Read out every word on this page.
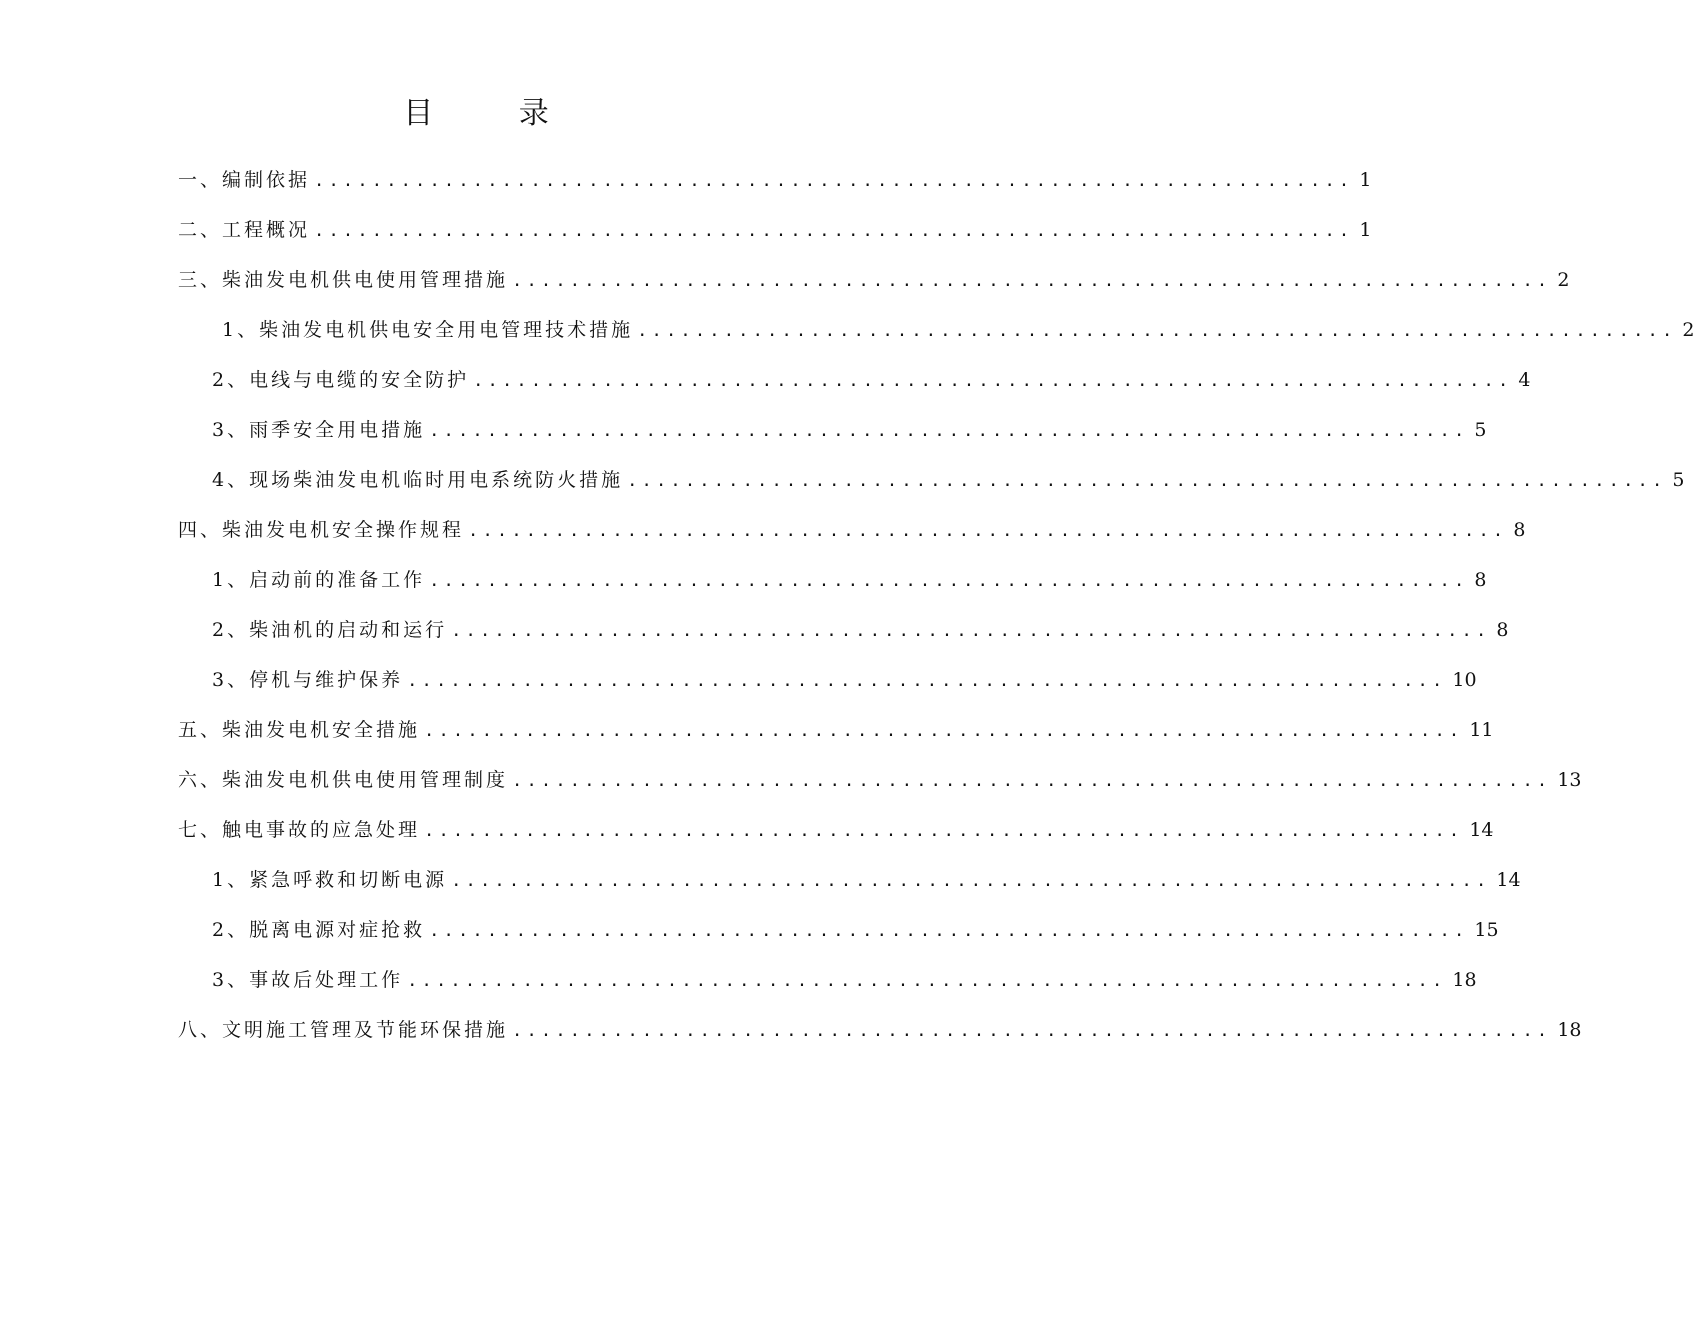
目 录
一、编制依据 ........................................................................ 1
二、工程概况 ........................................................................ 1
三、柴油发电机供电使用管理措施 ........................................................................ 2
1、柴油发电机供电安全用电管理技术措施 ........................................................................ 2
2、电线与电缆的安全防护 ........................................................................ 4
3、雨季安全用电措施 ........................................................................ 5
4、现场柴油发电机临时用电系统防火措施 ........................................................................ 5
四、柴油发电机安全操作规程 ........................................................................ 8
1、启动前的准备工作 ........................................................................ 8
2、柴油机的启动和运行 ........................................................................ 8
3、停机与维护保养 ........................................................................ 10
五、柴油发电机安全措施 ........................................................................ 11
六、柴油发电机供电使用管理制度 ........................................................................ 13
七、触电事故的应急处理 ........................................................................ 14
1、紧急呼救和切断电源 ........................................................................ 14
2、脱离电源对症抢救 ........................................................................ 15
3、事故后处理工作 ........................................................................ 18
八、文明施工管理及节能环保措施 ........................................................................ 18
